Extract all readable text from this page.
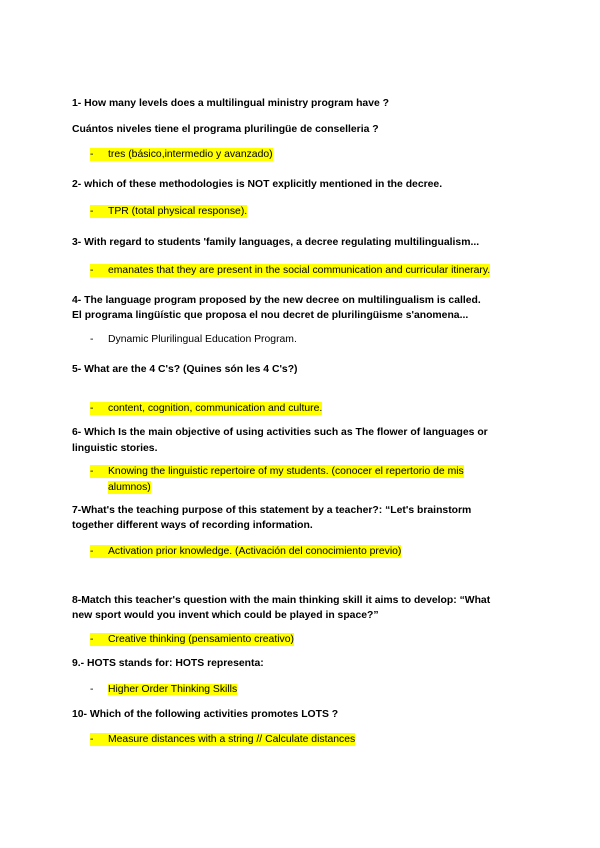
1- How many levels does a multilingual ministry program have ?
Cuántos niveles tiene el programa plurilingüe de conselleria ?
- tres (básico,intermedio y avanzado)
2- which of these methodologies is NOT explicitly mentioned in the decree.
- TPR (total physical response).
3- With regard to students 'family languages, a decree regulating multilingualism...
- emanates that they are present in the social communication and curricular itinerary.
4- The language program proposed by the new decree on multilingualism is called.
El programa lingüístic que proposa el nou decret de plurilingüisme s'anomena...
- Dynamic Plurilingual Education Program.
5- What are the 4 C's? (Quines són les 4 C's?)
- content, cognition, communication and culture.
6- Which Is the main objective of using activities such as The flower of languages or
linguistic stories.
- Knowing the linguistic repertoire of my students. (conocer el repertorio de mis
alumnos)
7-What's the teaching purpose of this statement by a teacher?: “Let's brainstorm
together different ways of recording information.
- Activation prior knowledge. (Activación del conocimiento previo)
8-Match this teacher's question with the main thinking skill it aims to develop: “What
new sport would you invent which could be played in space?”
- Creative thinking (pensamiento creativo)
9.- HOTS stands for: HOTS representa:
- Higher Order Thinking Skills
10- Which of the following activities promotes LOTS ?
- Measure distances with a string // Calculate distances
